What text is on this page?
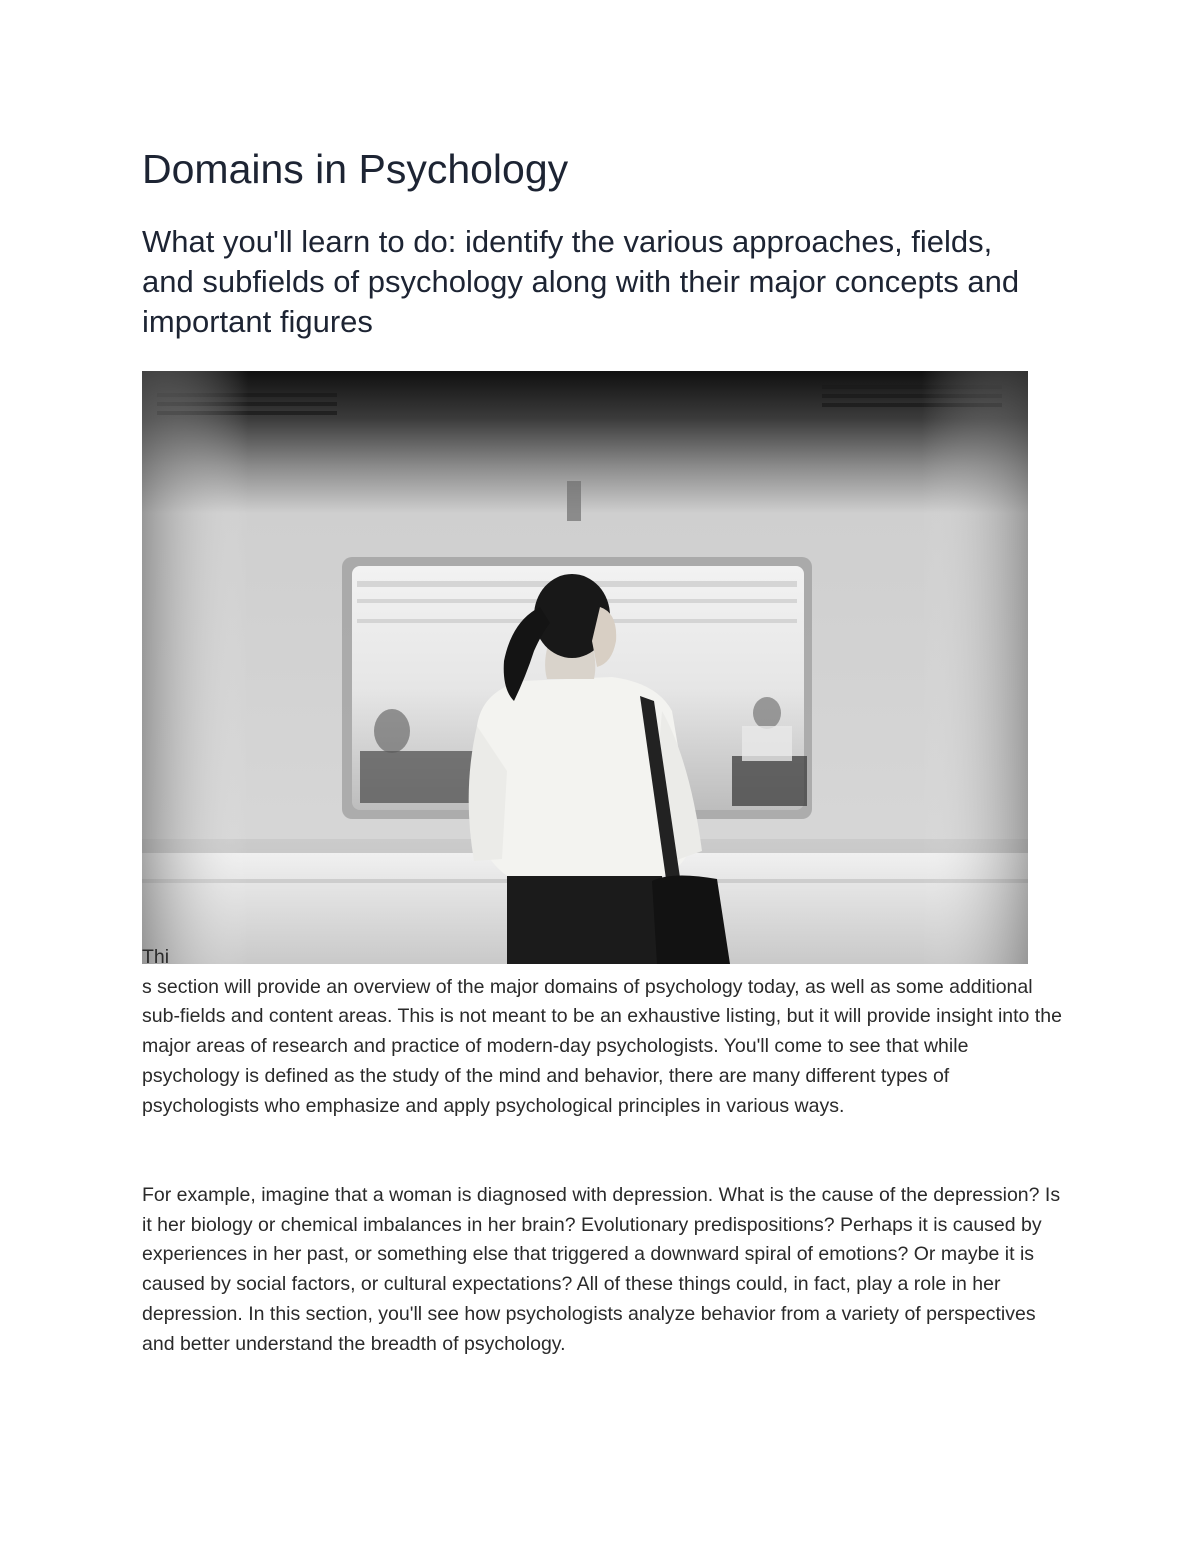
Domains in Psychology
What you'll learn to do: identify the various approaches, fields, and subfields of psychology along with their major concepts and important figures

Thi
s section will provide an overview of the major domains of psychology today, as well as some additional sub-fields and content areas. This is not meant to be an exhaustive listing, but it will provide insight into the major areas of research and practice of modern-day psychologists. You'll come to see that while psychology is defined as the study of the mind and behavior, there are many different types of psychologists who emphasize and apply psychological principles in various ways.

For example, imagine that a woman is diagnosed with depression. What is the cause of the depression? Is it her biology or chemical imbalances in her brain? Evolutionary predispositions? Perhaps it is caused by experiences in her past, or something else that triggered a downward spiral of emotions? Or maybe it is caused by social factors, or cultural expectations? All of these things could, in fact, play a role in her depression. In this section, you'll see how psychologists analyze behavior from a variety of perspectives and better understand the breadth of psychology.
